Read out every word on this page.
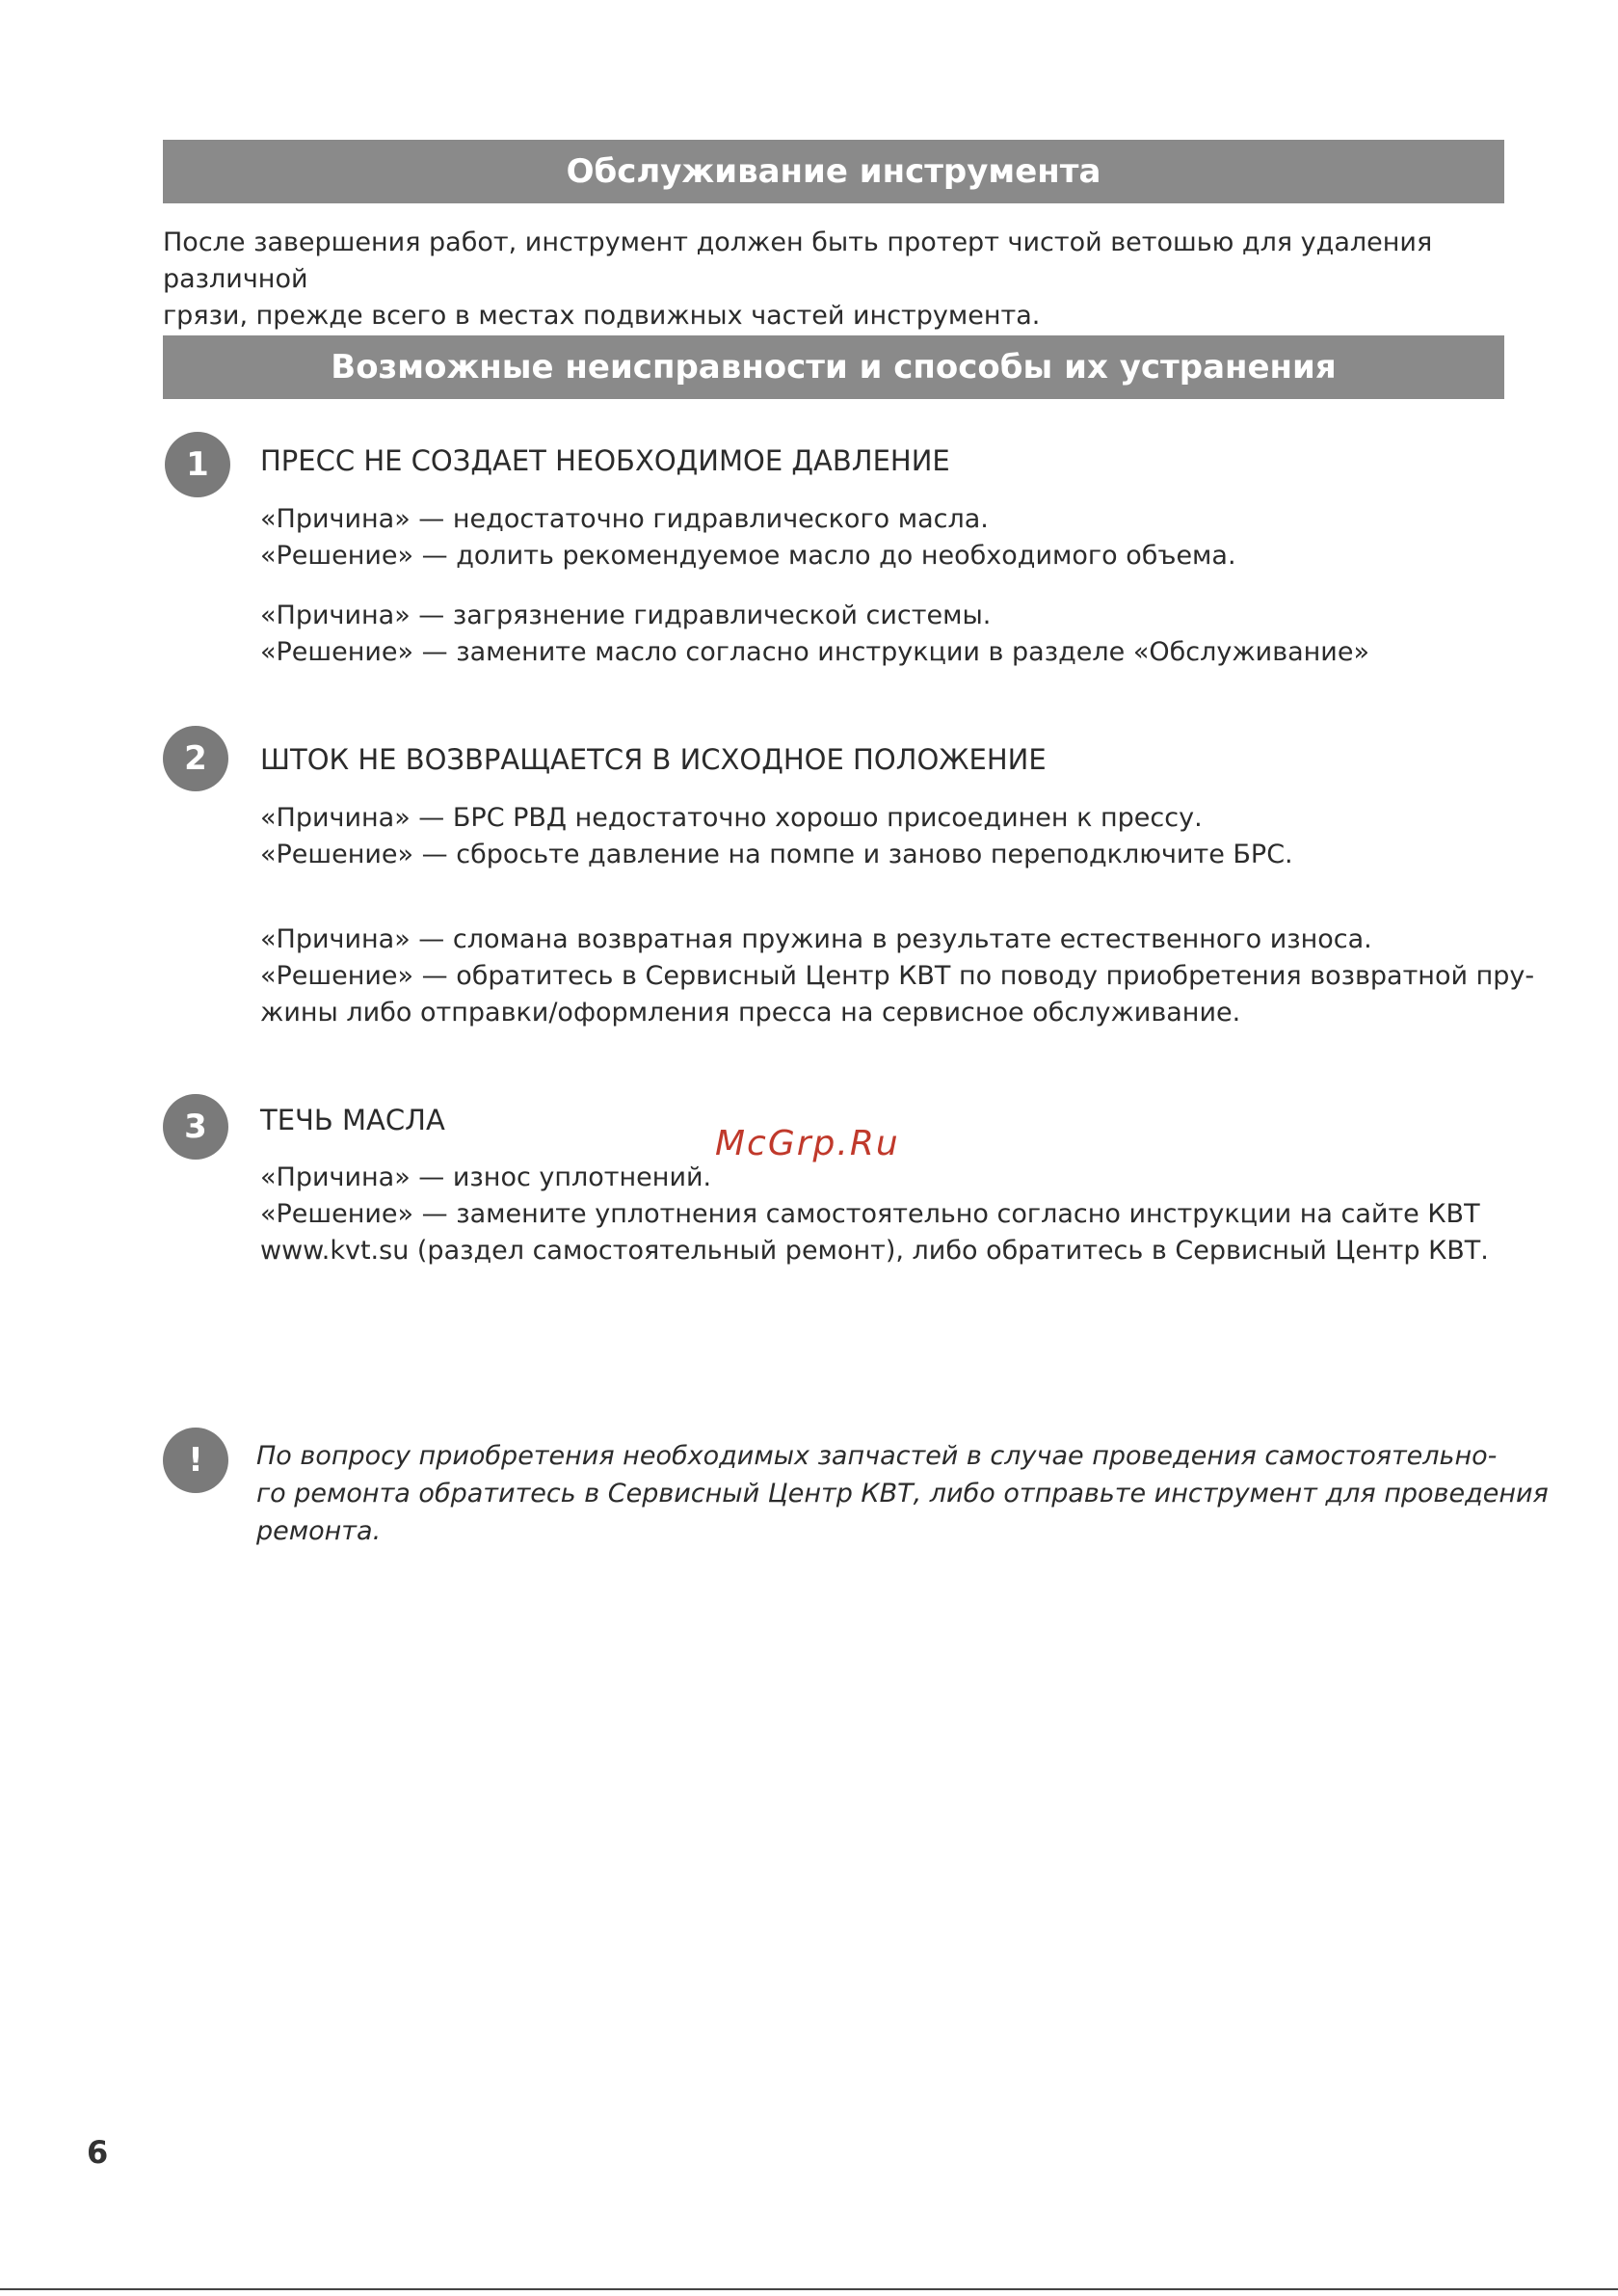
Обслуживание инструмента
После завершения работ, инструмент должен быть протерт чистой ветошью для удаления различной
грязи, прежде всего в местах подвижных частей инструмента.
Возможные неисправности и способы их устранения
1 ПРЕСС НЕ СОЗДАЕТ НЕОБХОДИМОЕ ДАВЛЕНИЕ
«Причина» — недостаточно гидравлического масла.
«Решение» — долить рекомендуемое масло до необходимого объема.
«Причина» — загрязнение гидравлической системы.
«Решение» — замените масло согласно инструкции в разделе «Обслуживание»
2 ШТОК НЕ ВОЗВРАЩАЕТСЯ В ИСХОДНОЕ ПОЛОЖЕНИЕ
«Причина» — БРС РВД недостаточно хорошо присоединен к прессу.
«Решение» — сбросьте давление на помпе и заново переподключите БРС.
«Причина» — сломана возвратная пружина в результате естественного износа.
«Решение» — обратитесь в Сервисный Центр КВТ по поводу приобретения возвратной пру-
жины либо отправки/оформления пресса на сервисное обслуживание.
3 ТЕЧЬ МАСЛА
«Причина» — износ уплотнений.
«Решение» — замените уплотнения самостоятельно согласно инструкции на сайте КВТ
www.kvt.su (раздел самостоятельный ремонт), либо обратитесь в Сервисный Центр КВТ.
McGrp.Ru
! По вопросу приобретения необходимых запчастей в случае проведения самостоятельно-
го ремонта обратитесь в Сервисный Центр КВТ, либо отправьте инструмент для проведения
ремонта.
6
